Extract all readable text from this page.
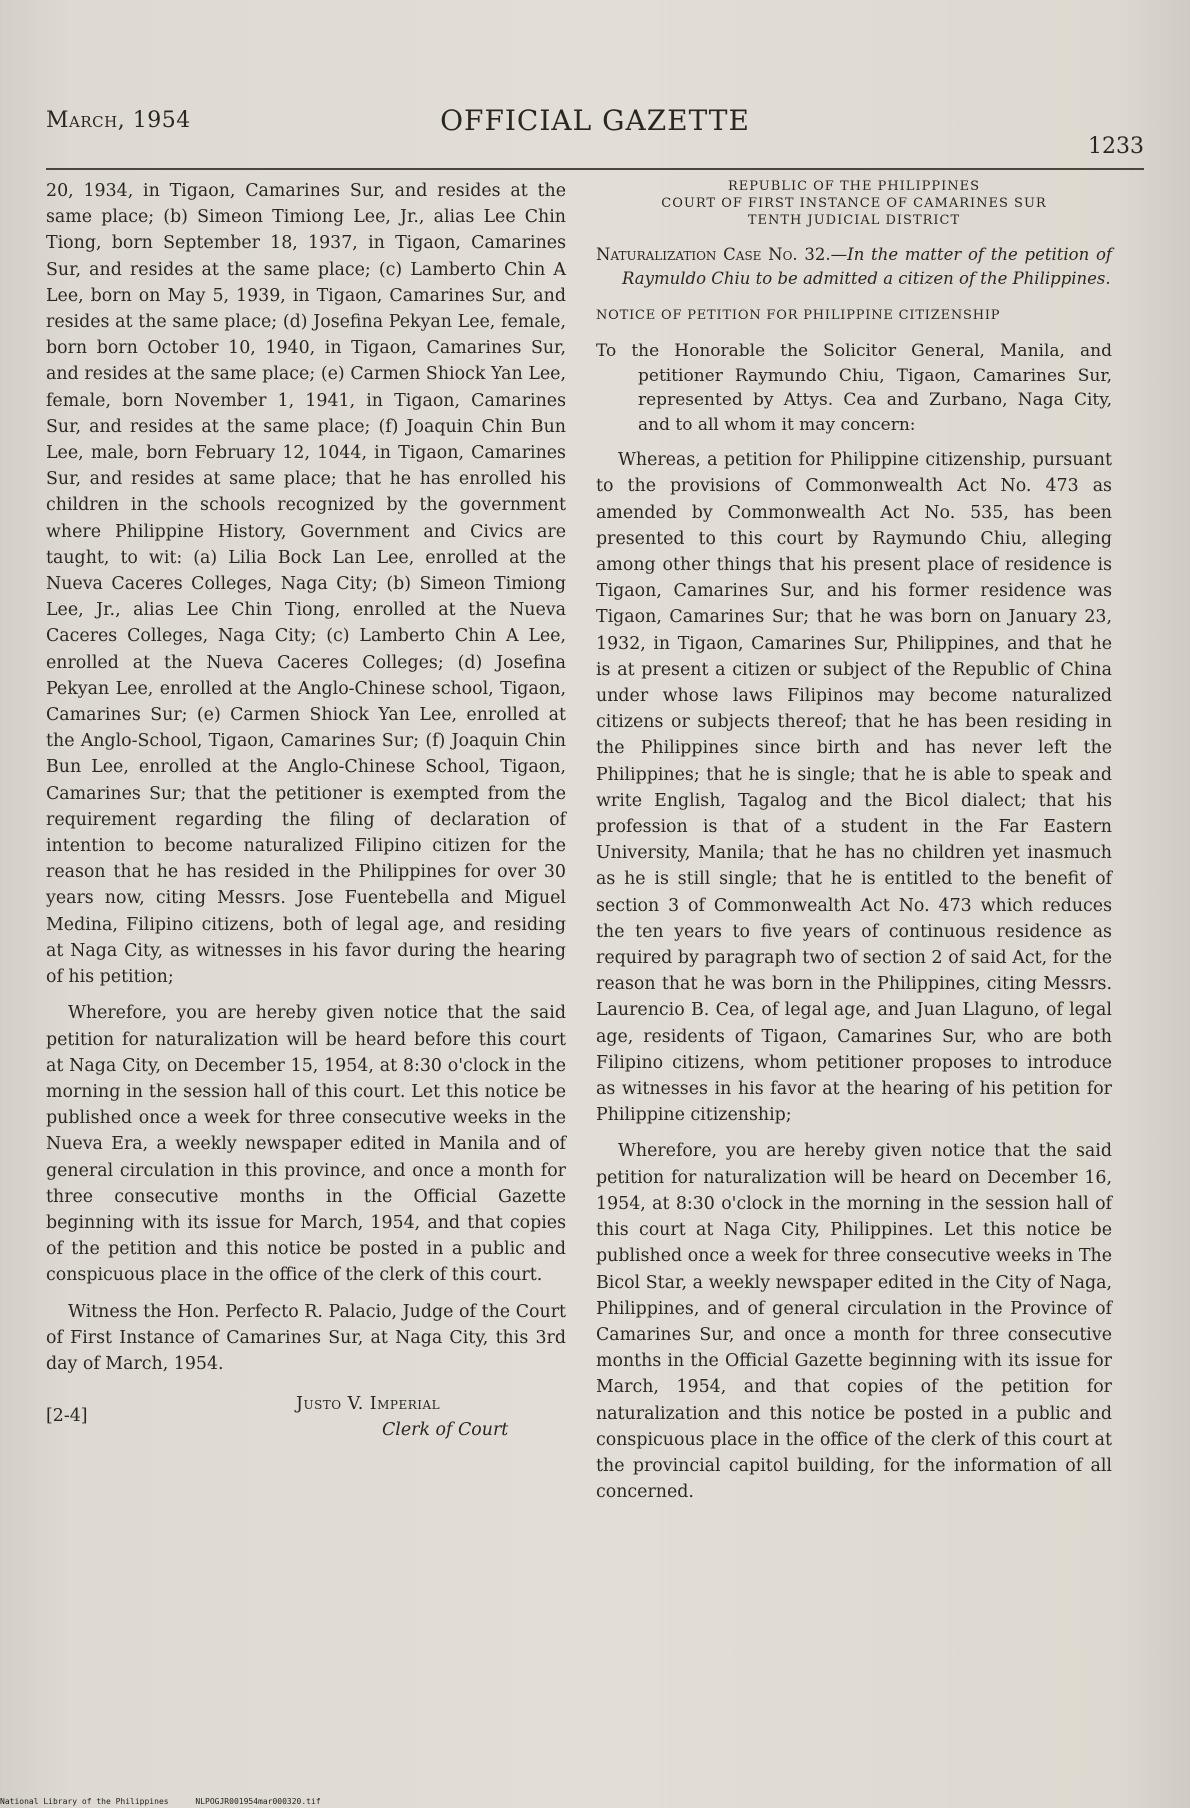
March, 1954	OFFICIAL GAZETTE
1233

20, 1934, in Tigaon, Camarines Sur, and resides at the same place; (b) Simeon Timiong Lee, Jr., alias Lee Chin Tiong, born September 18, 1937, in Tigaon, Camarines Sur, and resides at the same place; (c) Lamberto Chin A Lee, born on May 5, 1939, in Tigaon, Camarines Sur, and resides at the same place; (d) Josefina Pekyan Lee, female, born born October 10, 1940, in Tigaon, Camarines Sur, and resides at the same place; (e) Carmen Shiock Yan Lee, female, born November 1, 1941, in Tigaon, Camarines Sur, and resides at the same place; (f) Joaquin Chin Bun Lee, male, born February 12, 1044, in Tigaon, Camarines Sur, and resides at same place; that he has enrolled his children in the schools recognized by the government where Philippine History, Government and Civics are taught, to wit: (a) Lilia Bock Lan Lee, enrolled at the Nueva Caceres Colleges, Naga City; (b) Simeon Timiong Lee, Jr., alias Lee Chin Tiong, enrolled at the Nueva Caceres Colleges, Naga City; (c) Lamberto Chin A Lee, enrolled at the Nueva Caceres Colleges; (d) Josefina Pekyan Lee, enrolled at the Anglo-Chinese school, Tigaon, Camarines Sur; (e) Carmen Shiock Yan Lee, enrolled at the Anglo-School, Tigaon, Camarines Sur; (f) Joaquin Chin Bun Lee, enrolled at the Anglo-Chinese School, Tigaon, Camarines Sur; that the petitioner is exempted from the requirement regarding the filing of declaration of intention to become naturalized Filipino citizen for the reason that he has resided in the Philippines for over 30 years now, citing Messrs. Jose Fuentebella and Miguel Medina, Filipino citizens, both of legal age, and residing at Naga City, as witnesses in his favor during the hearing of his petition;

Wherefore, you are hereby given notice that the said petition for naturalization will be heard before this court at Naga City, on December 15, 1954, at 8:30 o'clock in the morning in the session hall of this court. Let this notice be published once a week for three consecutive weeks in the Nueva Era, a weekly newspaper edited in Manila and of general circulation in this province, and once a month for three consecutive months in the Official Gazette beginning with its issue for March, 1954, and that copies of the petition and this notice be posted in a public and conspicuous place in the office of the clerk of this court.

Witness the Hon. Perfecto R. Palacio, Judge of the Court of First Instance of Camarines Sur, at Naga City, this 3rd day of March, 1954.

[2-4]
Justo V. Imperial
Clerk of Court

REPUBLIC OF THE PHILIPPINES
COURT OF FIRST INSTANCE OF CAMARINES SUR
TENTH JUDICIAL DISTRICT

Naturalization Case No. 32.—In the matter of the petition of Raymuldo Chiu to be admitted a citizen of the Philippines.

NOTICE OF PETITION FOR PHILIPPINE CITIZENSHIP

To the Honorable the Solicitor General, Manila, and petitioner Raymundo Chiu, Tigaon, Camarines Sur, represented by Attys. Cea and Zurbano, Naga City, and to all whom it may concern:

Whereas, a petition for Philippine citizenship, pursuant to the provisions of Commonwealth Act No. 473 as amended by Commonwealth Act No. 535, has been presented to this court by Raymundo Chiu, alleging among other things that his present place of residence is Tigaon, Camarines Sur, and his former residence was Tigaon, Camarines Sur; that he was born on January 23, 1932, in Tigaon, Camarines Sur, Philippines, and that he is at present a citizen or subject of the Republic of China under whose laws Filipinos may become naturalized citizens or subjects thereof; that he has been residing in the Philippines since birth and has never left the Philippines; that he is single; that he is able to speak and write English, Tagalog and the Bicol dialect; that his profession is that of a student in the Far Eastern University, Manila; that he has no children yet inasmuch as he is still single; that he is entitled to the benefit of section 3 of Commonwealth Act No. 473 which reduces the ten years to five years of continuous residence as required by paragraph two of section 2 of said Act, for the reason that he was born in the Philippines, citing Messrs. Laurencio B. Cea, of legal age, and Juan Llaguno, of legal age, residents of Tigaon, Camarines Sur, who are both Filipino citizens, whom petitioner proposes to introduce as witnesses in his favor at the hearing of his petition for Philippine citizenship;

Wherefore, you are hereby given notice that the said petition for naturalization will be heard on December 16, 1954, at 8:30 o'clock in the morning in the session hall of this court at Naga City, Philippines. Let this notice be published once a week for three consecutive weeks in The Bicol Star, a weekly newspaper edited in the City of Naga, Philippines, and of general circulation in the Province of Camarines Sur, and once a month for three consecutive months in the Official Gazette beginning with its issue for March, 1954, and that copies of the petition for naturalization and this notice be posted in a public and conspicuous place in the office of the clerk of this court at the provincial capitol building, for the information of all concerned.

National Library of the Philippines	NLPOGJR001954mar000320.tif
